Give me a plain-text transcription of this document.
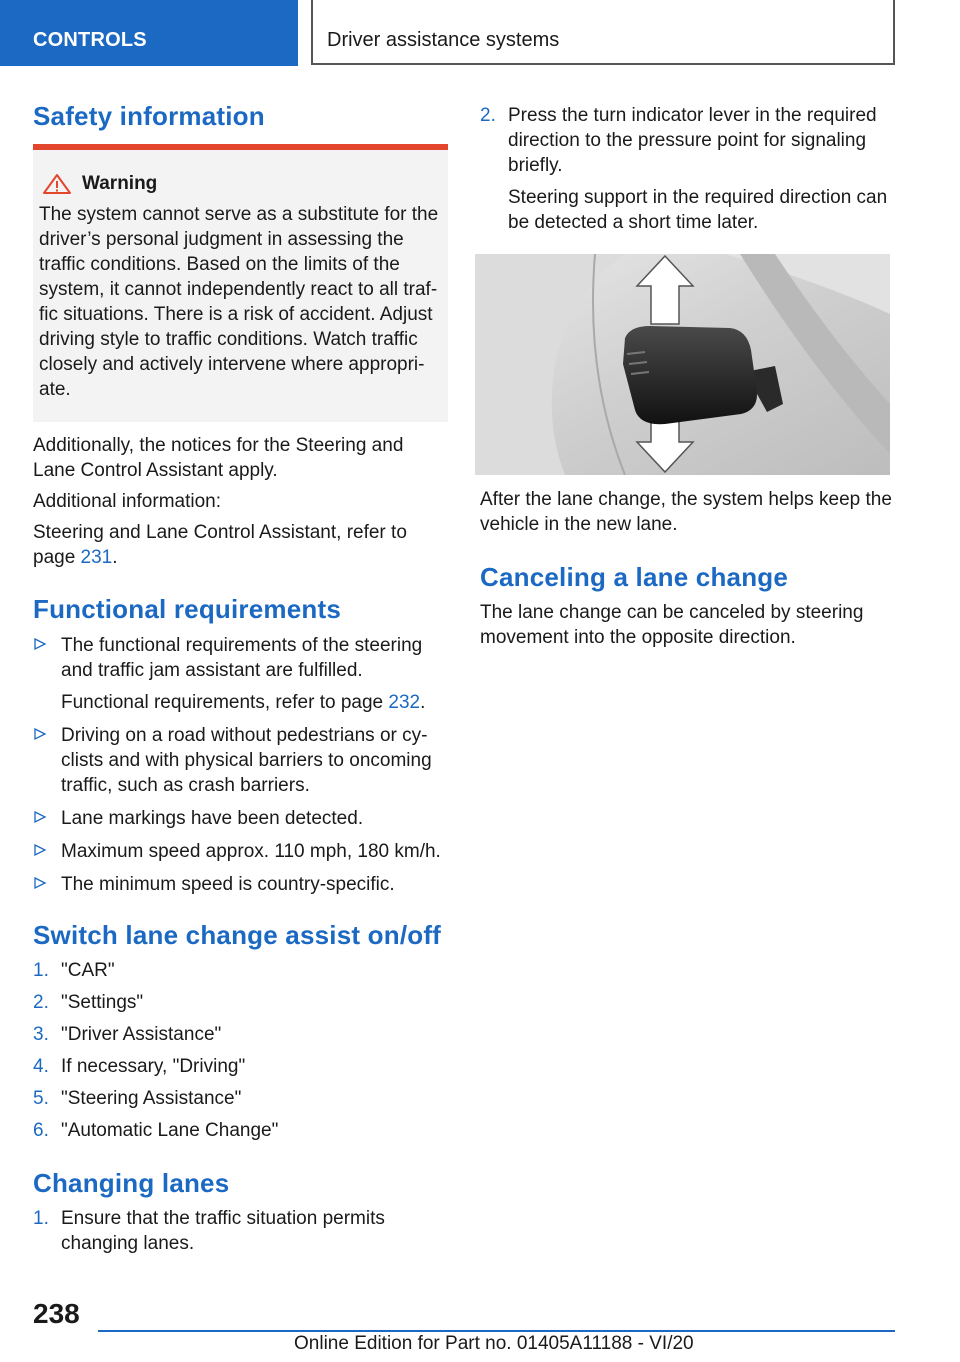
CONTROLS	Driver assistance systems
Safety information
Warning

The system cannot serve as a substitute for the driver’s personal judgment in assessing the traffic conditions. Based on the limits of the system, it cannot independently react to all traffic situations. There is a risk of accident. Adjust driving style to traffic conditions. Watch traffic closely and actively intervene where appropriate.

Additionally, the notices for the Steering and Lane Control Assistant apply.

Additional information:

Steering and Lane Control Assistant, refer to page 231.

Functional requirements
The functional requirements of the steering and traffic jam assistant are fulfilled.

Functional requirements, refer to page 232.

Driving on a road without pedestrians or cyclists and with physical barriers to oncoming traffic, such as crash barriers.
Lane markings have been detected.
Maximum speed approx. 110 mph, 180 km/h.
The minimum speed is country-specific.
Switch lane change assist on/off
1. "CAR"
2. "Settings"
3. "Driver Assistance"
4. If necessary, "Driving"
5. "Steering Assistance"
6. "Automatic Lane Change"
Changing lanes
1. Ensure that the traffic situation permits changing lanes.
2. Press the turn indicator lever in the required direction to the pressure point for signaling briefly.

Steering support in the required direction can be detected a short time later.

After the lane change, the system helps keep the vehicle in the new lane.

Canceling a lane change

The lane change can be canceled by steering movement into the opposite direction.

238
Online Edition for Part no. 01405A11188 - VI/20
